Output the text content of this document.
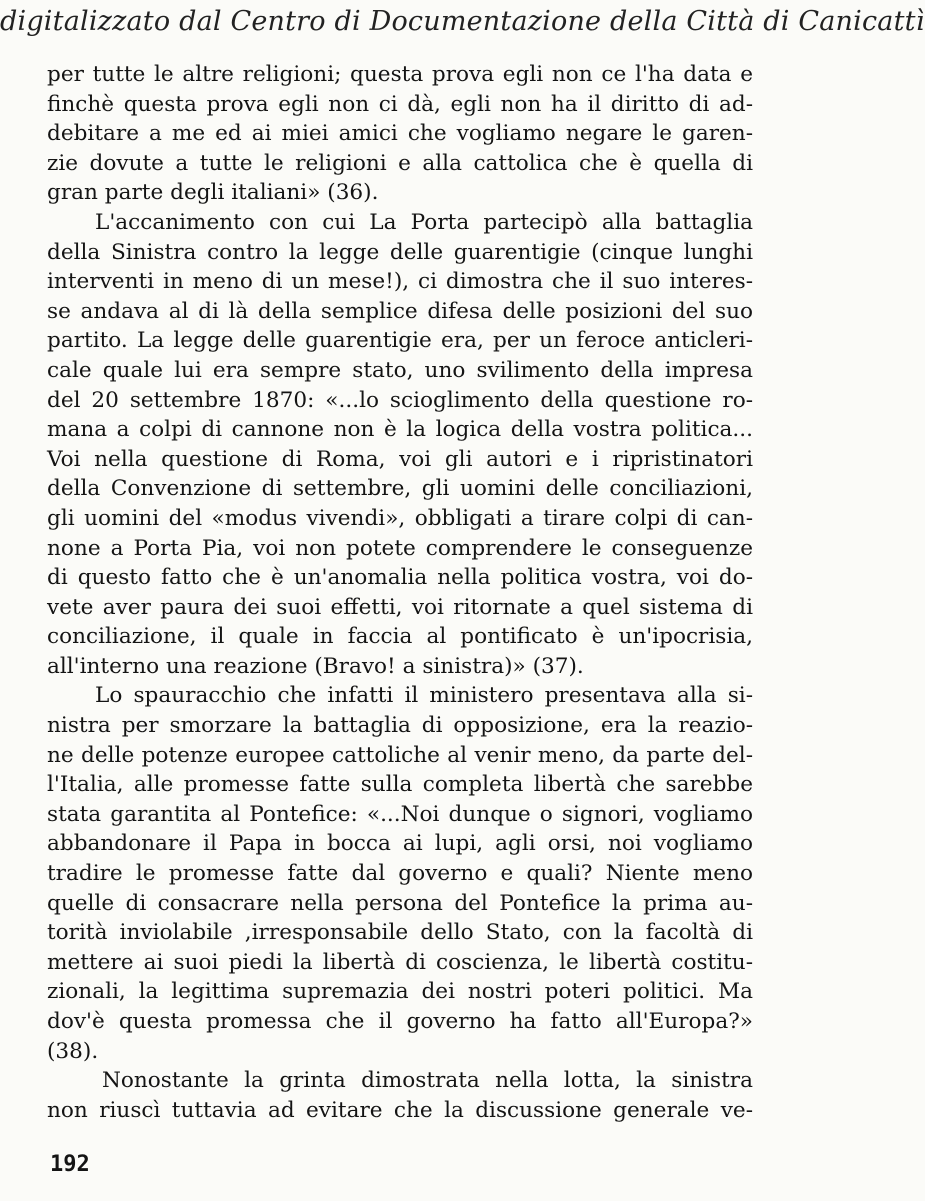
digitalizzato dal Centro di Documentazione della Città di Canicattì
per tutte le altre religioni; questa prova egli non ce l'ha data e
finchè questa prova egli non ci dà, egli non ha il diritto di ad-
debitare a me ed ai miei amici che vogliamo negare le garen-
zie dovute a tutte le religioni e alla cattolica che è quella di
gran parte degli italiani» (36).
L'accanimento con cui La Porta partecipò alla battaglia
della Sinistra contro la legge delle guarentigie (cinque lunghi
interventi in meno di un mese!), ci dimostra che il suo interes-
se andava al di là della semplice difesa delle posizioni del suo
partito. La legge delle guarentigie era, per un feroce anticleri-
cale quale lui era sempre stato, uno svilimento della impresa
del 20 settembre 1870: «...lo scioglimento della questione ro-
mana a colpi di cannone non è la logica della vostra politica...
Voi nella questione di Roma, voi gli autori e i ripristinatori
della Convenzione di settembre, gli uomini delle conciliazioni,
gli uomini del «modus vivendi», obbligati a tirare colpi di can-
none a Porta Pia, voi non potete comprendere le conseguenze
di questo fatto che è un'anomalia nella politica vostra, voi do-
vete aver paura dei suoi effetti, voi ritornate a quel sistema di
conciliazione, il quale in faccia al pontificato è un'ipocrisia,
all'interno una reazione (Bravo! a sinistra)» (37).
Lo spauracchio che infatti il ministero presentava alla si-
nistra per smorzare la battaglia di opposizione, era la reazio-
ne delle potenze europee cattoliche al venir meno, da parte del-
l'Italia, alle promesse fatte sulla completa libertà che sarebbe
stata garantita al Pontefice: «...Noi dunque o signori, vogliamo
abbandonare il Papa in bocca ai lupi, agli orsi, noi vogliamo
tradire le promesse fatte dal governo e quali? Niente meno
quelle di consacrare nella persona del Pontefice la prima au-
torità inviolabile ,irresponsabile dello Stato, con la facoltà di
mettere ai suoi piedi la libertà di coscienza, le libertà costitu-
zionali, la legittima supremazia dei nostri poteri politici. Ma
dov'è questa promessa che il governo ha fatto all'Europa?»
(38).
Nonostante la grinta dimostrata nella lotta, la sinistra
non riuscì tuttavia ad evitare che la discussione generale ve-
192
